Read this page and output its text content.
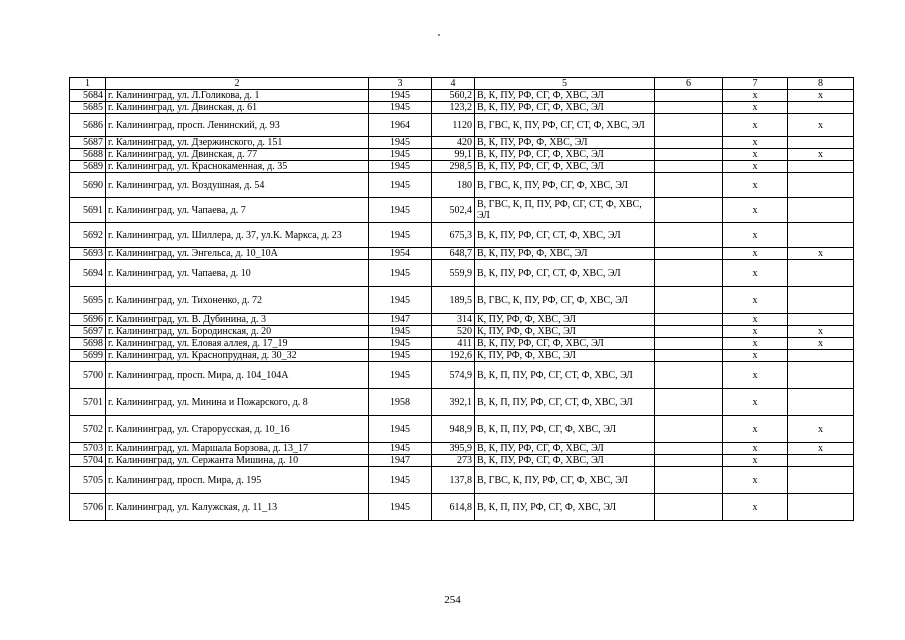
1	2	3	4	5	6	7	8
5684	г. Калининград, ул. Л.Голикова, д. 1	1945	560,2	В, К, ПУ, РФ, СГ, Ф, ХВС, ЭЛ		х	х
5685	г. Калининград, ул. Двинская, д. 61	1945	123,2	В, К, ПУ, РФ, СГ, Ф, ХВС, ЭЛ		х	
5686	г. Калининград, просп. Ленинский, д. 93	1964	1120	В, ГВС, К, ПУ, РФ, СГ, СТ, Ф, ХВС, ЭЛ		х	х
5687	г. Калининград, ул. Дзержинского, д. 151	1945	420	В, К, ПУ, РФ, Ф, ХВС, ЭЛ		х	
5688	г. Калининград, ул. Двинская, д. 77	1945	99,1	В, К, ПУ, РФ, СГ, Ф, ХВС, ЭЛ		х	х
5689	г. Калининград, ул. Краснокаменная, д. 35	1945	298,5	В, К, ПУ, РФ, СГ, Ф, ХВС, ЭЛ		х	
5690	г. Калининград, ул. Воздушная, д. 54	1945	180	В, ГВС, К, ПУ, РФ, СГ, Ф, ХВС, ЭЛ		х	
5691	г. Калининград, ул. Чапаева, д. 7	1945	502,4	В, ГВС, К, П, ПУ, РФ, СГ, СТ, Ф, ХВС, ЭЛ		х	
5692	г. Калининград, ул. Шиллера, д. 37, ул.К. Маркса, д. 23	1945	675,3	В, К, ПУ, РФ, СГ, СТ, Ф, ХВС, ЭЛ		х	
5693	г. Калининград, ул. Энгельса, д. 10_10А	1954	648,7	В, К, ПУ, РФ, Ф, ХВС, ЭЛ		х	х
5694	г. Калининград, ул. Чапаева, д. 10	1945	559,9	В, К, ПУ, РФ, СГ, СТ, Ф, ХВС, ЭЛ		х	
5695	г. Калининград, ул. Тихоненко, д. 72	1945	189,5	В, ГВС, К, ПУ, РФ, СГ, Ф, ХВС, ЭЛ		х	
5696	г. Калининград, ул. В. Дубинина, д. 3	1947	314	К, ПУ, РФ, Ф, ХВС, ЭЛ		х	
5697	г. Калининград, ул. Бородинская, д. 20	1945	520	К, ПУ, РФ, Ф, ХВС, ЭЛ		х	х
5698	г. Калининград, ул. Еловая аллея, д. 17_19	1945	411	В, К, ПУ, РФ, СГ, Ф, ХВС, ЭЛ		х	х
5699	г. Калининград, ул. Краснопрудная, д. 30_32	1945	192,6	К, ПУ, РФ, Ф, ХВС, ЭЛ		х	
5700	г. Калининград, просп. Мира, д. 104_104А	1945	574,9	В, К, П, ПУ, РФ, СГ, СТ, Ф, ХВС, ЭЛ		х	
5701	г. Калининград, ул. Минина и Пожарского, д. 8	1958	392,1	В, К, П, ПУ, РФ, СГ, СТ, Ф, ХВС, ЭЛ		х	
5702	г. Калининград, ул. Старорусская, д. 10_16	1945	948,9	В, К, П, ПУ, РФ, СГ, Ф, ХВС, ЭЛ		х	х
5703	г. Калининград, ул. Маршала Борзова, д. 13_17	1945	395,9	В, К, ПУ, РФ, СГ, Ф, ХВС, ЭЛ		х	х
5704	г. Калининград, ул. Сержанта Мишина, д. 10	1947	273	В, К, ПУ, РФ, СГ, Ф, ХВС, ЭЛ		х	
5705	г. Калининград, просп. Мира, д. 195	1945	137,8	В, ГВС, К, ПУ, РФ, СГ, Ф, ХВС, ЭЛ		х	
5706	г. Калининград, ул. Калужская, д. 11_13	1945	614,8	В, К, П, ПУ, РФ, СГ, Ф, ХВС, ЭЛ		х	
254
